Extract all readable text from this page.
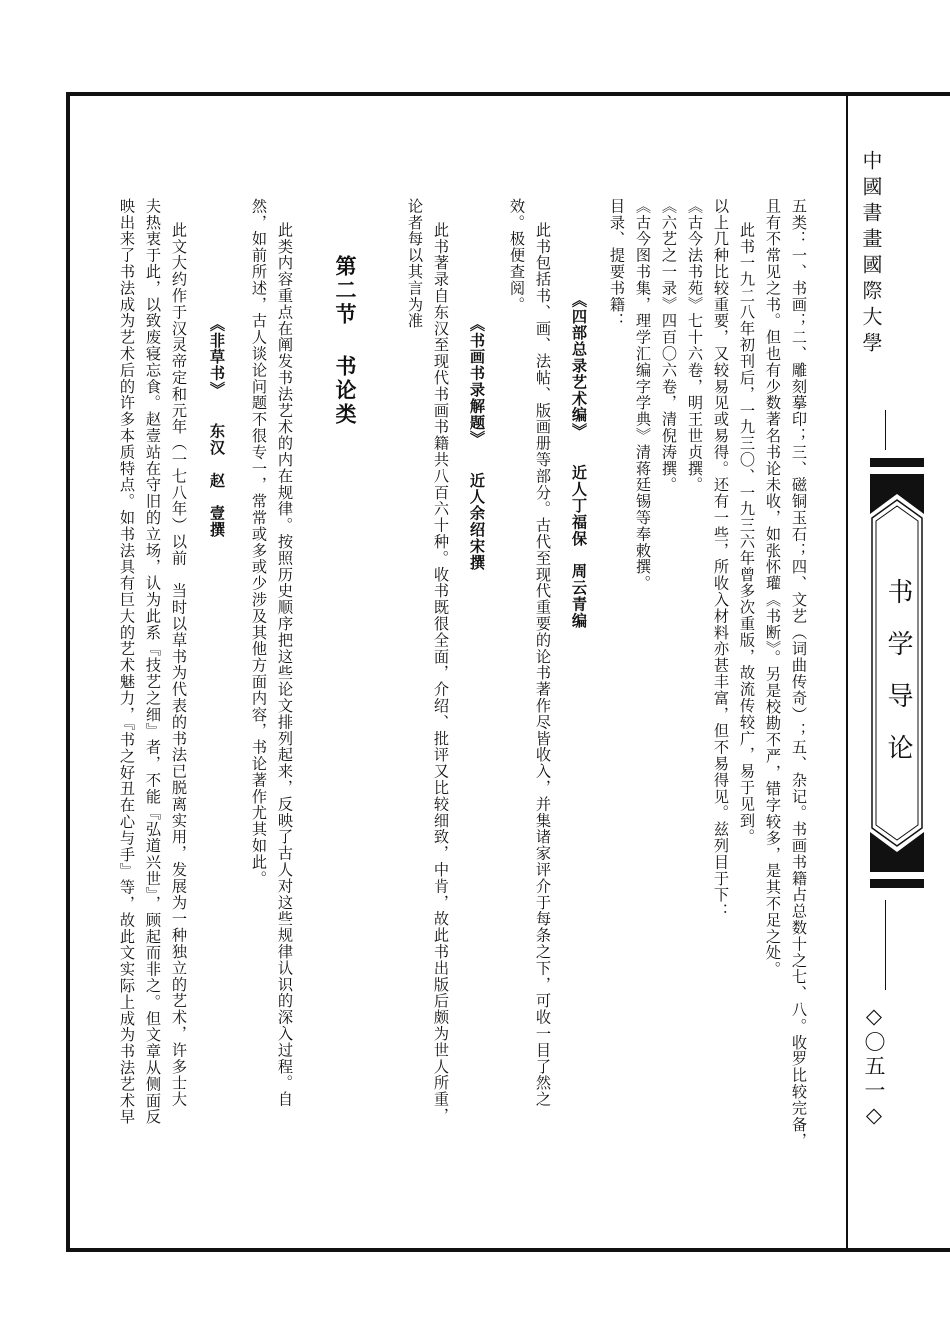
中國書畫國際大學
书学导论
◇〇五一◇
五类：一、书画；二、雕刻摹印；三、磁铜玉石；四、文艺（词曲传奇）；五、杂记。书画书籍占总数十之七、八。收罗比较完备，
且有不常见之书。但也有少数著名书论未收，如张怀瓘《书断》。另是校勘不严，错字较多，是其不足之处。
此书一九二八年初刊后，一九三〇、一九三六年曾多次重版，故流传较广，易于见到。
以上几种比较重要，又较易见或易得。还有一些，所收入材料亦甚丰富，但不易得见。兹列目于下：
《古今法书苑》七十六卷，明王世贞撰。
《六艺之一录》四百〇六卷，清倪涛撰。
《古今图书集，理学汇编字学典》清蒋廷锡等奉敕撰。
目录、提要书籍：
《四部总录艺术编》　　近人丁福保　周云青编
此书包括书、画、法帖、版画册等部分。古代至现代重要的论书著作尽皆收入，并集诸家评介于每条之下，可收一目了然之
效。极便查阅。
《书画书录解题》　　近人余绍宋撰
此书著录自东汉至现代书画书籍共八百六十种。收书既很全面，介绍、批评又比较细致，中肯，故此书出版后颇为世人所重，
论者每以其言为准
第二节书论类
此类内容重点在阐发书法艺术的内在规律。按照历史顺序把这些论文排列起来，反映了古人对这些规律认识的深入过程。自
然，如前所述，古人谈论问题不很专一，常常或多或少涉及其他方面内容，书论著作尤其如此。
《非草书》　　东汉　赵　壹撰
此文大约作于汉灵帝定和元年（一七八年）以前　当时以草书为代表的书法已脱离实用，发展为一种独立的艺术，许多士大
夫热衷于此，以致废寝忘食。赵壹站在守旧的立场，认为此系『技艺之细』者，不能『弘道兴世』，顾起而非之。但文章从侧面反
映出来了书法成为艺术后的许多本质特点。如书法具有巨大的艺术魅力，『书之好丑在心与手』等，故此文实际上成为书法艺术早
